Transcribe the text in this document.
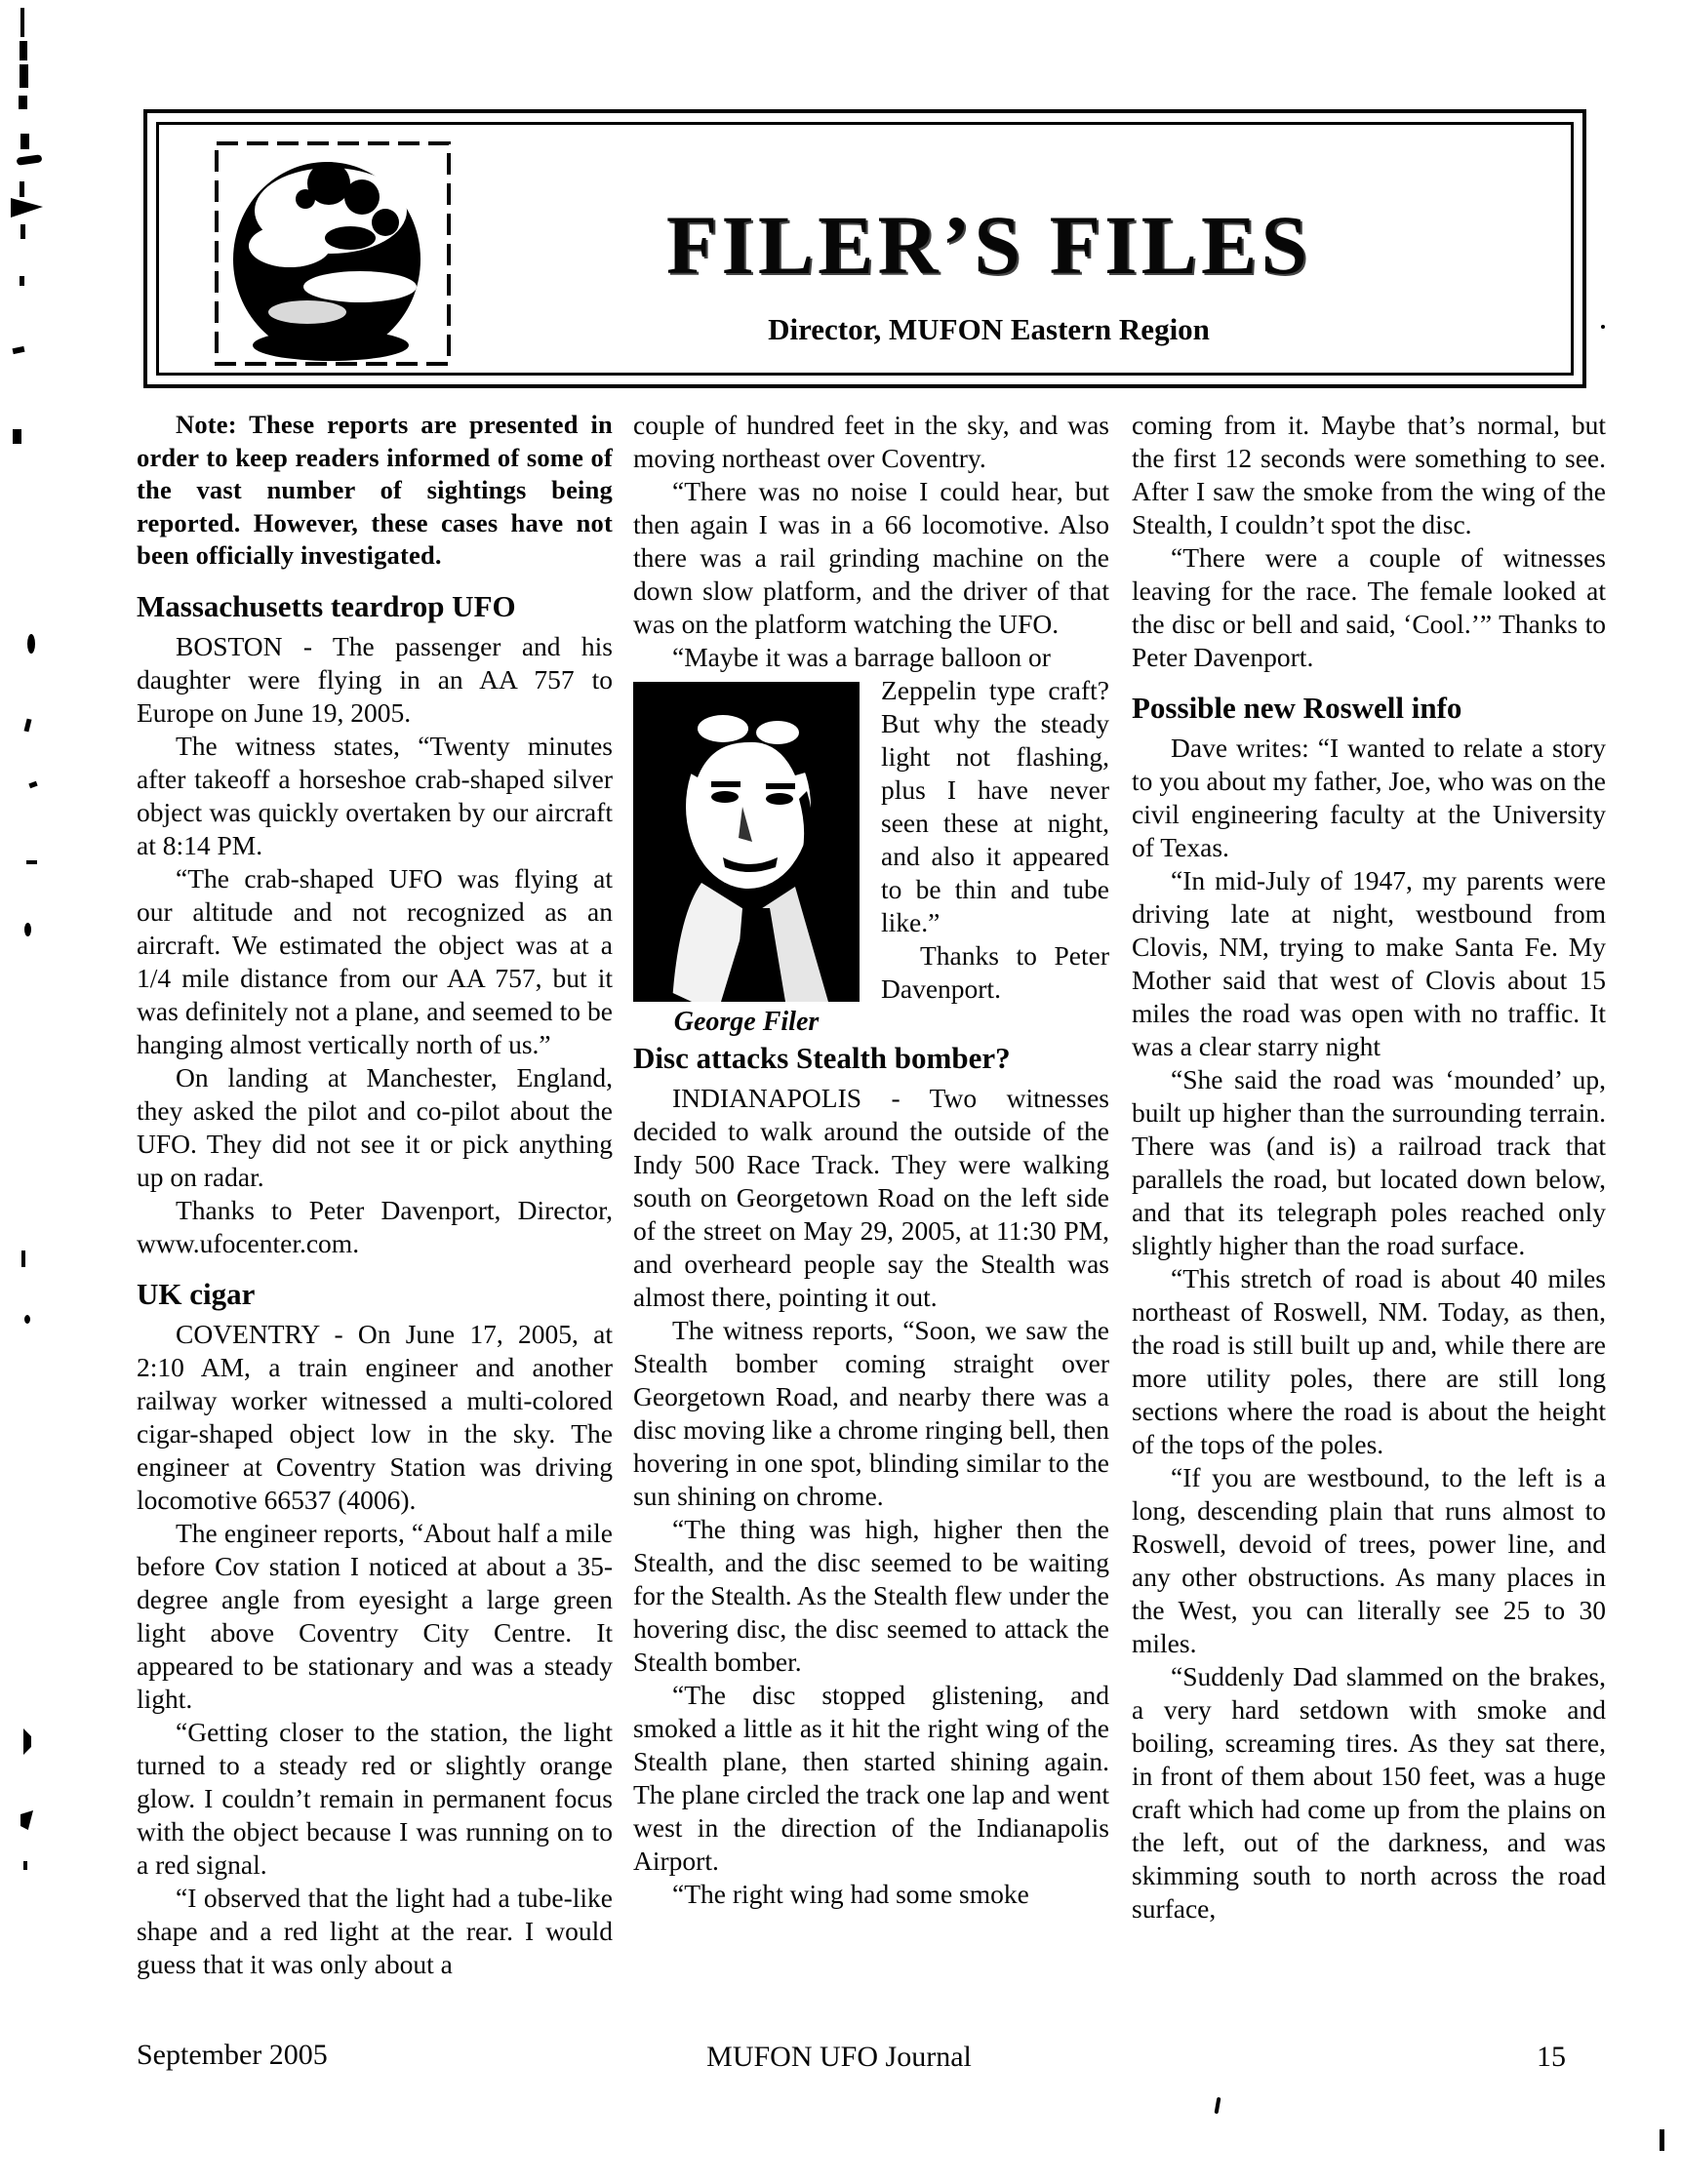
FILER’S FILES
Director, MUFON Eastern Region

Note: These reports are presented in order to keep readers informed of some of the vast number of sightings being reported. However, these cases have not been officially investigated.

Massachusetts teardrop UFO

BOSTON - The passenger and his daughter were flying in an AA 757 to Europe on June 19, 2005.

The witness states, “Twenty minutes after takeoff a horseshoe crab-shaped silver object was quickly overtaken by our aircraft at 8:14 PM.

“The crab-shaped UFO was flying at our altitude and not recognized as an aircraft. We estimated the object was at a 1/4 mile distance from our AA 757, but it was definitely not a plane, and seemed to be hanging almost vertically north of us.”

On landing at Manchester, England, they asked the pilot and co-pilot about the UFO. They did not see it or pick anything up on radar.

Thanks to Peter Davenport, Director, www.ufocenter.com.

UK cigar

COVENTRY - On June 17, 2005, at 2:10 AM, a train engineer and another railway worker witnessed a multi-colored cigar-shaped object low in the sky. The engineer at Coventry Station was driving locomotive 66537 (4006).

The engineer reports, “About half a mile before Cov station I noticed at about a 35-degree angle from eyesight a large green light above Coventry City Centre. It appeared to be stationary and was a steady light.

“Getting closer to the station, the light turned to a steady red or slightly orange glow. I couldn’t remain in permanent focus with the object because I was running on to a red signal.

“I observed that the light had a tube-like shape and a red light at the rear. I would guess that it was only about a

couple of hundred feet in the sky, and was moving northeast over Coventry.

“There was no noise I could hear, but then again I was in a 66 locomotive. Also there was a rail grinding machine on the down slow platform, and the driver of that was on the platform watching the UFO.

“Maybe it was a barrage balloon or

George Filer

Zeppelin type craft? But why the steady light not flashing, plus I have never seen these at night, and also it appeared to be thin and tube like.”

Thanks to Peter Davenport.

Disc attacks Stealth bomber?

INDIANAPOLIS - Two witnesses decided to walk around the outside of the Indy 500 Race Track. They were walking south on Georgetown Road on the left side of the street on May 29, 2005, at 11:30 PM, and overheard people say the Stealth was almost there, pointing it out.

The witness reports, “Soon, we saw the Stealth bomber coming straight over Georgetown Road, and nearby there was a disc moving like a chrome ringing bell, then hovering in one spot, blinding similar to the sun shining on chrome.

“The thing was high, higher then the Stealth, and the disc seemed to be waiting for the Stealth. As the Stealth flew under the hovering disc, the disc seemed to attack the Stealth bomber.

“The disc stopped glistening, and smoked a little as it hit the right wing of the Stealth plane, then started shining again. The plane circled the track one lap and went west in the direction of the Indianapolis Airport.

“The right wing had some smoke

coming from it. Maybe that’s normal, but the first 12 seconds were something to see. After I saw the smoke from the wing of the Stealth, I couldn’t spot the disc.

“There were a couple of witnesses leaving for the race. The female looked at the disc or bell and said, ‘Cool.’” Thanks to Peter Davenport.

Possible new Roswell info

Dave writes: “I wanted to relate a story to you about my father, Joe, who was on the civil engineering faculty at the University of Texas.

“In mid-July of 1947, my parents were driving late at night, westbound from Clovis, NM, trying to make Santa Fe. My Mother said that west of Clovis about 15 miles the road was open with no traffic. It was a clear starry night

“She said the road was ‘mounded’ up, built up higher than the surrounding terrain. There was (and is) a railroad track that parallels the road, but located down below, and that its telegraph poles reached only slightly higher than the road surface.

“This stretch of road is about 40 miles northeast of Roswell, NM. Today, as then, the road is still built up and, while there are more utility poles, there are still long sections where the road is about the height of the tops of the poles.

“If you are westbound, to the left is a long, descending plain that runs almost to Roswell, devoid of trees, power line, and any other obstructions. As many places in the West, you can literally see 25 to 30 miles.

“Suddenly Dad slammed on the brakes, a very hard setdown with smoke and boiling, screaming tires. As they sat there, in front of them about 150 feet, was a huge craft which had come up from the plains on the left, out of the darkness, and was skimming south to north across the road surface,

September 2005	MUFON UFO Journal	15
